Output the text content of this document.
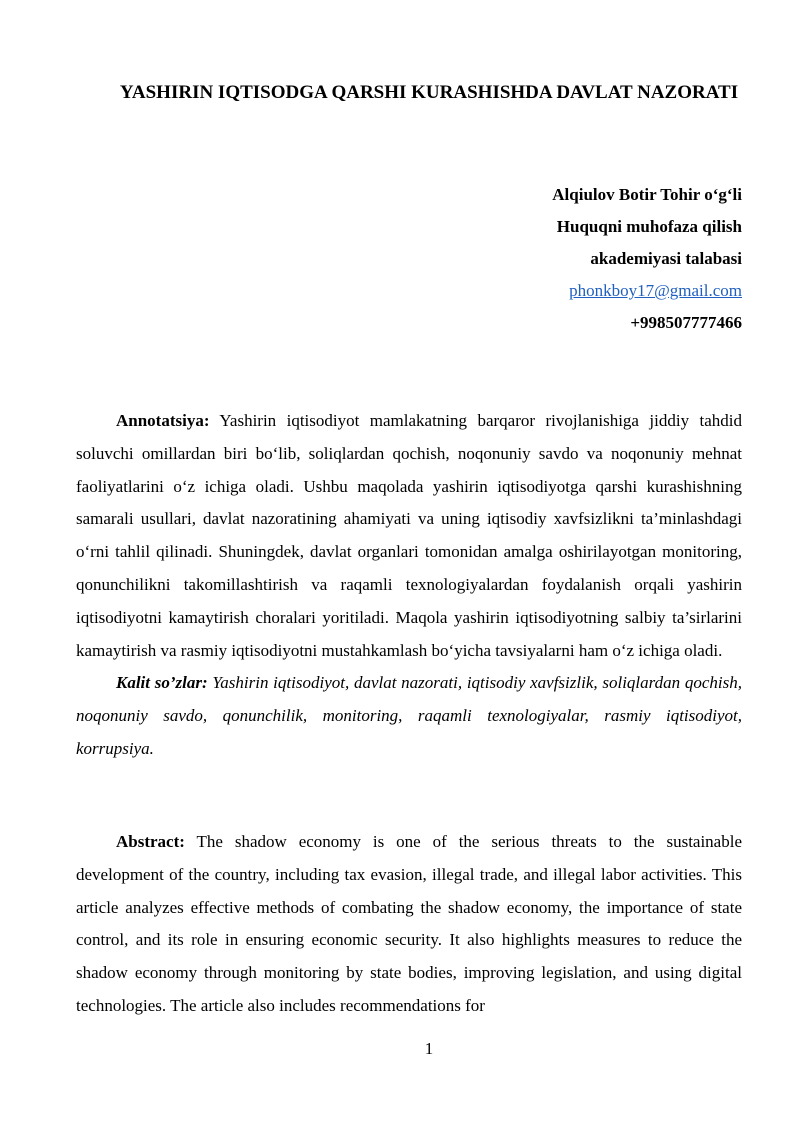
YASHIRIN IQTISODGA QARSHI KURASHISHDA DAVLAT NAZORATI
Alqiulov Botir Tohir o‘g‘li
Huquqni muhofaza qilish
akademiyasi talabasi
phonkboy17@gmail.com
+998507777466

Annotatsiya: Yashirin iqtisodiyot mamlakatning barqaror rivojlanishiga jiddiy tahdid soluvchi omillardan biri bo‘lib, soliqlardan qochish, noqonuniy savdo va noqonuniy mehnat faoliyatlarini o‘z ichiga oladi. Ushbu maqolada yashirin iqtisodiyotga qarshi kurashishning samarali usullari, davlat nazoratining ahamiyati va uning iqtisodiy xavfsizlikni ta’minlashdagi o‘rni tahlil qilinadi. Shuningdek, davlat organlari tomonidan amalga oshirilayotgan monitoring, qonunchilikni takomillashtirish va raqamli texnologiyalardan foydalanish orqali yashirin iqtisodiyotni kamaytirish choralari yoritiladi. Maqola yashirin iqtisodiyotning salbiy ta’sirlarini kamaytirish va rasmiy iqtisodiyotni mustahkamlash bo‘yicha tavsiyalarni ham o‘z ichiga oladi.

Kalit so’zlar: Yashirin iqtisodiyot, davlat nazorati, iqtisodiy xavfsizlik, soliqlardan qochish, noqonuniy savdo, qonunchilik, monitoring, raqamli texnologiyalar, rasmiy iqtisodiyot, korrupsiya.

Abstract: The shadow economy is one of the serious threats to the sustainable development of the country, including tax evasion, illegal trade, and illegal labor activities. This article analyzes effective methods of combating the shadow economy, the importance of state control, and its role in ensuring economic security. It also highlights measures to reduce the shadow economy through monitoring by state bodies, improving legislation, and using digital technologies. The article also includes recommendations for

1
